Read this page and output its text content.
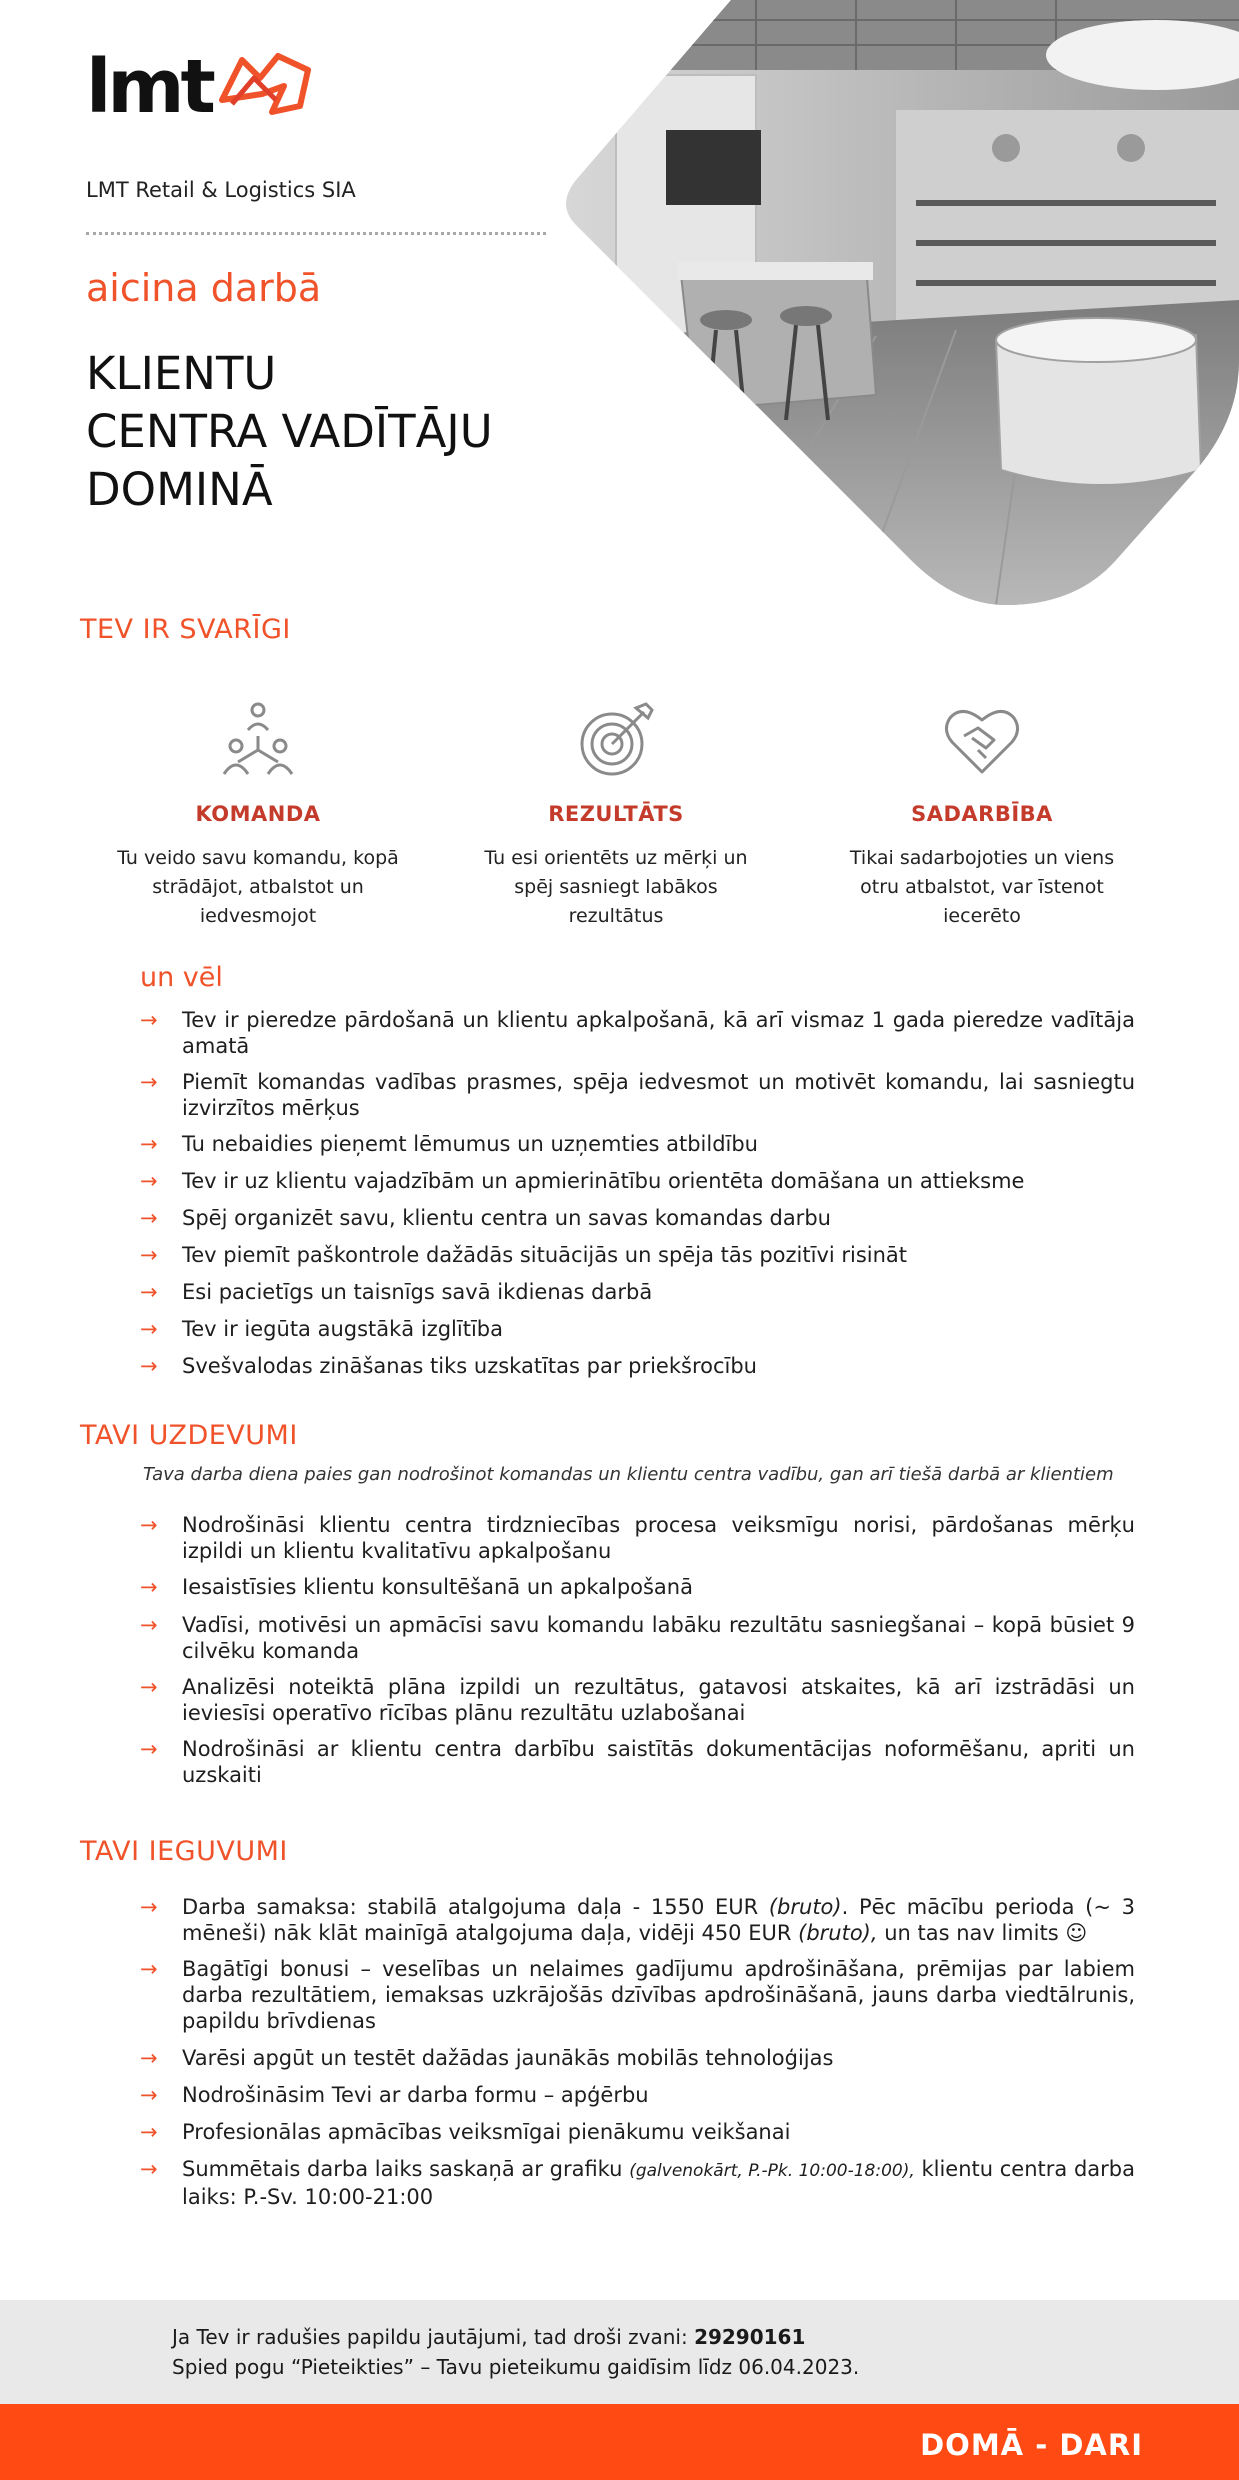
lmt
LMT Retail & Logistics SIA
aicina darbā
KLIENTU
CENTRA VADĪTĀJU
DOMINĀ
TEV IR SVARĪGI
KOMANDA
Tu veido savu komandu, kopā strādājot, atbalstot un iedvesmojot
REZULTĀTS
Tu esi orientēts uz mērķi un spēj sasniegt labākos rezultātus
SADARBĪBA
Tikai sadarbojoties un viens otru atbalstot, var īstenot iecerēto
un vēl
→ Tev ir pieredze pārdošanā un klientu apkalpošanā, kā arī vismaz 1 gada pieredze vadītāja amatā
→ Piemīt komandas vadības prasmes, spēja iedvesmot un motivēt komandu, lai sasniegtu izvirzītos mērķus
→ Tu nebaidies pieņemt lēmumus un uzņemties atbildību
→ Tev ir uz klientu vajadzībām un apmierinātību orientēta domāšana un attieksme
→ Spēj organizēt savu, klientu centra un savas komandas darbu
→ Tev piemīt paškontrole dažādās situācijās un spēja tās pozitīvi risināt
→ Esi pacietīgs un taisnīgs savā ikdienas darbā
→ Tev ir iegūta augstākā izglītība
→ Svešvalodas zināšanas tiks uzskatītas par priekšrocību
TAVI UZDEVUMI
Tava darba diena paies gan nodrošinot komandas un klientu centra vadību, gan arī tiešā darbā ar klientiem
→ Nodrošināsi klientu centra tirdzniecības procesa veiksmīgu norisi, pārdošanas mērķu izpildi un klientu kvalitatīvu apkalpošanu
→ Iesaistīsies klientu konsultēšanā un apkalpošanā
→ Vadīsi, motivēsi un apmācīsi savu komandu labāku rezultātu sasniegšanai – kopā būsiet 9 cilvēku komanda
→ Analizēsi noteiktā plāna izpildi un rezultātus, gatavosi atskaites, kā arī izstrādāsi un ieviesīsi operatīvo rīcības plānu rezultātu uzlabošanai
→ Nodrošināsi ar klientu centra darbību saistītās dokumentācijas noformēšanu, apriti un uzskaiti
TAVI IEGUVUMI
→ Darba samaksa: stabilā atalgojuma daļa - 1550 EUR (bruto). Pēc mācību perioda (~ 3 mēneši) nāk klāt mainīgā atalgojuma daļa, vidēji 450 EUR (bruto), un tas nav limits ☺
→ Bagātīgi bonusi – veselības un nelaimes gadījumu apdrošināšana, prēmijas par labiem darba rezultātiem, iemaksas uzkrājošās dzīvības apdrošināšanā, jauns darba viedtālrunis, papildu brīvdienas
→ Varēsi apgūt un testēt dažādas jaunākās mobilās tehnoloģijas
→ Nodrošināsim Tevi ar darba formu – apģērbu
→ Profesionālas apmācības veiksmīgai pienākumu veikšanai
→ Summētais darba laiks saskaņā ar grafiku (galvenokārt, P.-Pk. 10:00-18:00), klientu centra darba laiks: P.-Sv. 10:00-21:00
Ja Tev ir radušies papildu jautājumi, tad droši zvani: 29290161
Spied pogu “Pieteikties” – Tavu pieteikumu gaidīsim līdz 06.04.2023.
DOMĀ - DARI
